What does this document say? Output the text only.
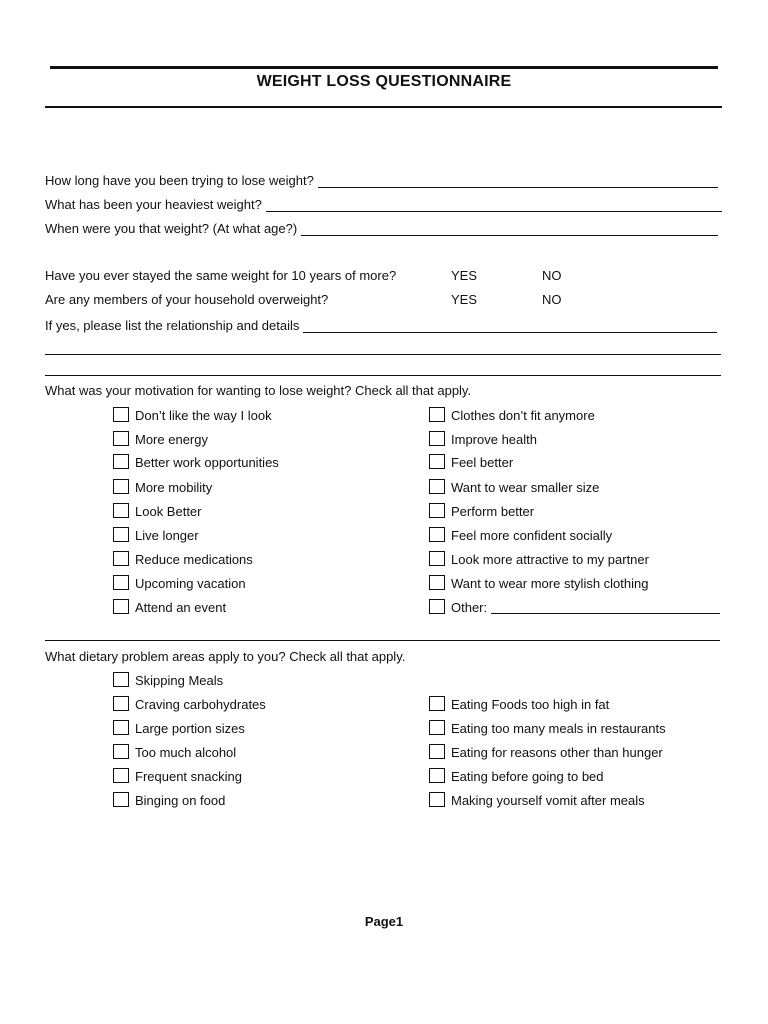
WEIGHT LOSS QUESTIONNAIRE
How long have you been trying to lose weight?
What has been your heaviest weight?
When were you that weight? (At what age?)
Have you ever stayed the same weight for 10 years of more?	YES	NO
Are any members of your household overweight?	YES	NO
If yes, please list the relationship and details
What was your motivation for wanting to lose weight? Check all that apply.
Don’t like the way I look
More energy
Better work opportunities
More mobility
Look Better
Live longer
Reduce medications
Upcoming vacation
Attend an event
Clothes don’t fit anymore
Improve health
Feel better
Want to wear smaller size
Perform better
Feel more confident socially
Look more attractive to my partner
Want to wear more stylish clothing
Other:
What dietary problem areas apply to you? Check all that apply.
Skipping Meals
Craving carbohydrates
Large portion sizes
Too much alcohol
Frequent snacking
Binging on food
Eating Foods too high in fat
Eating too many meals in restaurants
Eating for reasons other than hunger
Eating before going to bed
Making yourself vomit after meals
Page1
